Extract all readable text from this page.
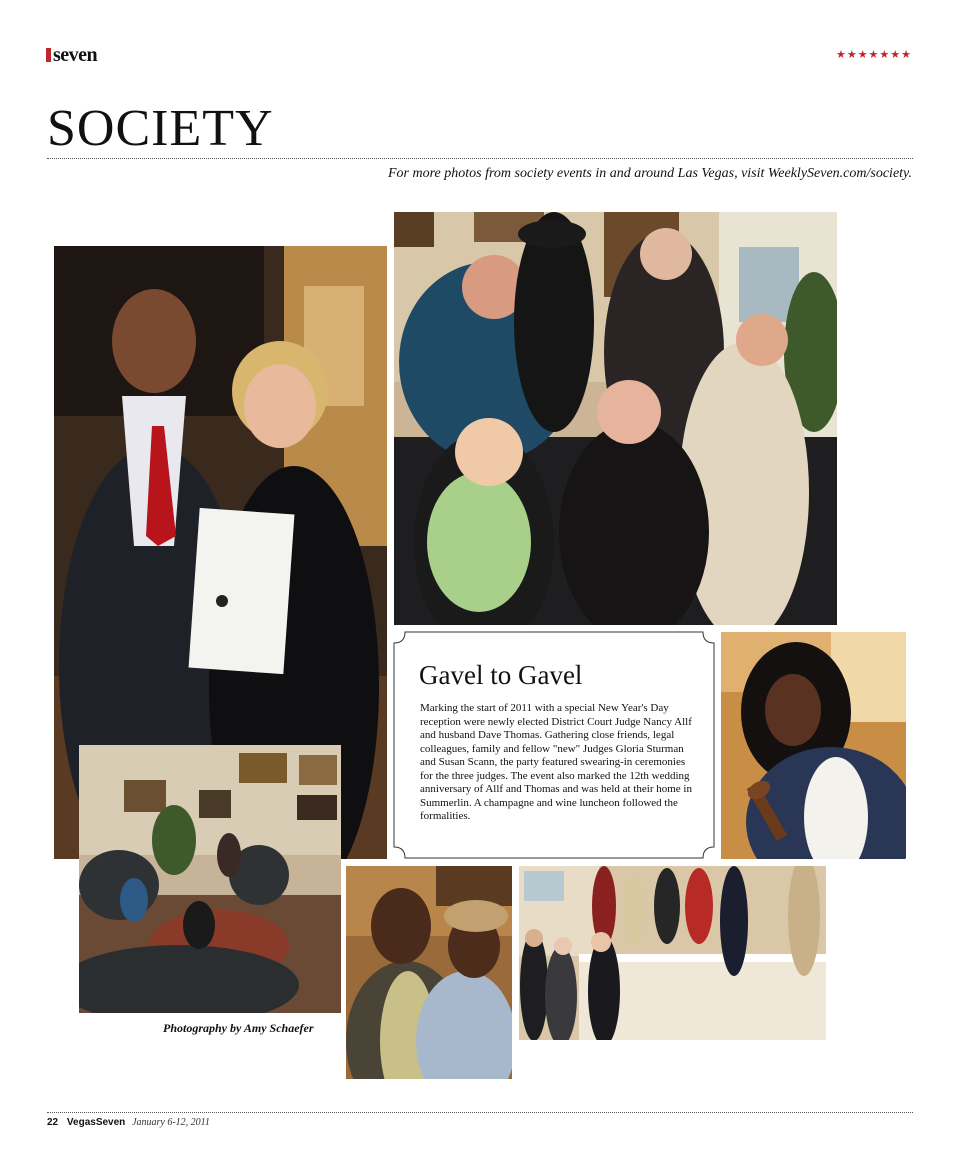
seven	★★★★★★★
SOCIETY
For more photos from society events in and around Las Vegas, visit WeeklySeven.com/society.
Gavel to Gavel
Marking the start of 2011 with a special New Year's Day reception were newly elected District Court Judge Nancy Allf and husband Dave Thomas. Gathering close friends, legal colleagues, family and fellow "new" Judges Gloria Sturman and Susan Scann, the party featured swearing-in ceremonies for the three judges. The event also marked the 12th wedding anniversary of Allf and Thomas and was held at their home in Summerlin. A champagne and wine luncheon followed the formalities.
Photography by Amy Schaefer
22 VegasSeven January 6-12, 2011
